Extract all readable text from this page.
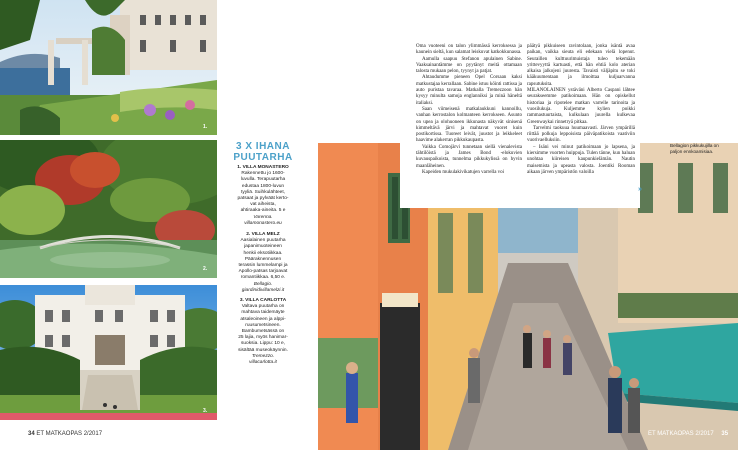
1.
2.
3.
3 X IHANA
PUUTARHA
1. VILLA MONASTERO
Rakennettu jo 1600-
luvulla. Terapuutarha
edustaa 1800-luvun
tyyliä. Suihkulähteet,
patsaat ja pylväät kerto-
vat aiheista,
ahtiraaka-aineita. 5 e
Varenna.
villamonastero.eu
2. VILLA MELZ
Aasialainen puutarha
japanimuoteineen
henkii eksotiikkaa.
Pääraknennusen
terassin lummelampi ja
Apollo-patsas tarjoavat
romantiikkaa. 6,50 e.
Bellagio.
giardinidivillamelzi.it
3. VILLA CARLOTTA
Valtava puutarha on
mahtava taidemäyte
atsaleoineen ja alppi-
ruusumetsineen.
Bambumetsässä on
25 lajia, myös hanimar-
suoksia. Lippu: 10 e,
sisältää museokäynnin.
Tremezzo.
villacarlotta.it
34 ET MATKAOPAS 2/2017

Oma vuoteeni on talon ylimmässä kerroksessa ja kaunein sieltä, kun salamat leiskuvat katkokkunassa.

Aamulla saapuu Stefanon apulainen Sabine. Vaaksainantämme on pyytänyt meitä ottamaan talosta mukaan pelon, tyynyt ja patjat.

Ahtaudumme pieneen Opel Corsaan kaksi matkustajaa kerrallaan. Sabine istuu köinti rattissa ja auto puristaa tavaraa. Matkalla Tremezzoon hän kysyy minulta samoja englanniksi ja minä häneltä italiaksi.

Saan viimeisenä matkalaukkuni kannoillu, vanhan kerrostalon kolmanteen kerrokseen. Asunto on upea ja olohuoneen ikkunasta näkyvät sinisenä kimmeltävä järvi ja mahtavat vuoret kuin postikortissa. Tuoreet leivät, juustot ja leikkeleet haavime alakerran pikkukaupasta.

Vaikka Comojärvi tunnetaan siellä vienalevista tähtilöistä ja James Bond -elokuvien kuvauspaikoista, tunnelma pikkukylissä on hyvin maanläheinen.

Kapeiden mukulakivikatujen varrella voi

päätyä pikkuiseen ravintolaan, jonka isäntä avaa paikan, vaikka sieuta eli edekaan vielä lopenut. Seuraillen kulttuurimuistaja tuleo tekemään yrittevyyttä kartuasti, että hän ehtiä kolo aterian alkaisa jalkojeni juuresta. Tavaisti väljäpitu se toki kääkuumentaan ja ilmoittaa kuljuarvanna rapsutuksita.

MILANOLAINEN ystäväni Alberto Caspani lähtee seurakseemme patikoimaan. Hän on opiskellut historiaa ja ripotelee matkan varrelle tarinoita ja vuosilukuja. Kuljemme kylien poikki rammastuurtaista, kulkulaan juurella kulkevaa Greenwaykai rinnetryä pitkaa.

Tarvelmi taokuua huumaavasti. Järven ympärillä riittää polkuja leppoisista päiväpatikoista vaativiin vuorivaelluksiin.

– Isäni vei minut patikoimaan jo lapsena, ja kiersimme vuorten huippuja. Tulen tänne, kun haluan unohtaa kiireisen kaupunkielämän. Nautin maisemista ja upeasta valosta. Joentiki Rooman aikaan järven ympäristön valoilla

»
Bellagion pikkukujilla on paljon ennkoamisiaa.
ET MATKAOPAS 2/2017 35
